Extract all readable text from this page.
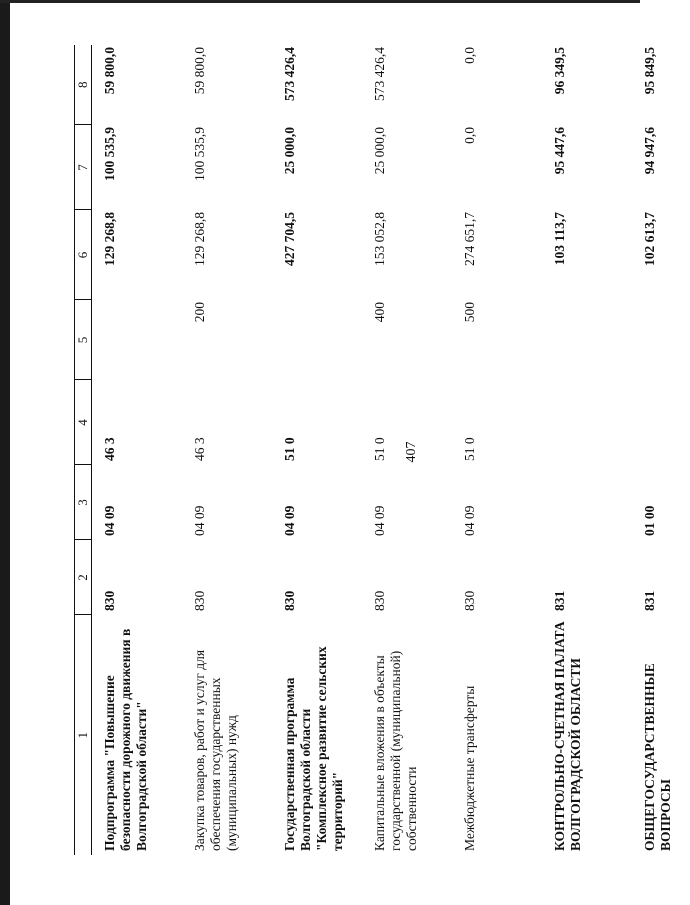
407
1	2	3	4	5	6	7	8
Подпрограмма "Повышение безопасности дорожного движения в Волгоградской области"	830	04 09	46 3		129 268,8	100 535,9	59 800,0
Закупка товаров, работ и услуг для обеспечения государственных (муниципальных) нужд	830	04 09	46 3	200	129 268,8	100 535,9	59 800,0
Государственная программа Волгоградской области "Комплексное развитие сельских территорий"	830	04 09	51 0		427 704,5	25 000,0	573 426,4
Капитальные вложения в объекты государственной (муниципальной) собственности	830	04 09	51 0	400	153 052,8	25 000,0	573 426,4
Межбюджетные трансферты	830	04 09	51 0	500	274 651,7	0,0	0,0
КОНТРОЛЬНО-СЧЕТНАЯ ПАЛАТА ВОЛГОГРАДСКОЙ ОБЛАСТИ	831				103 113,7	95 447,6	96 349,5
ОБЩЕГОСУДАРСТВЕННЫЕ ВОПРОСЫ	831	01 00			102 613,7	94 947,6	95 849,5
